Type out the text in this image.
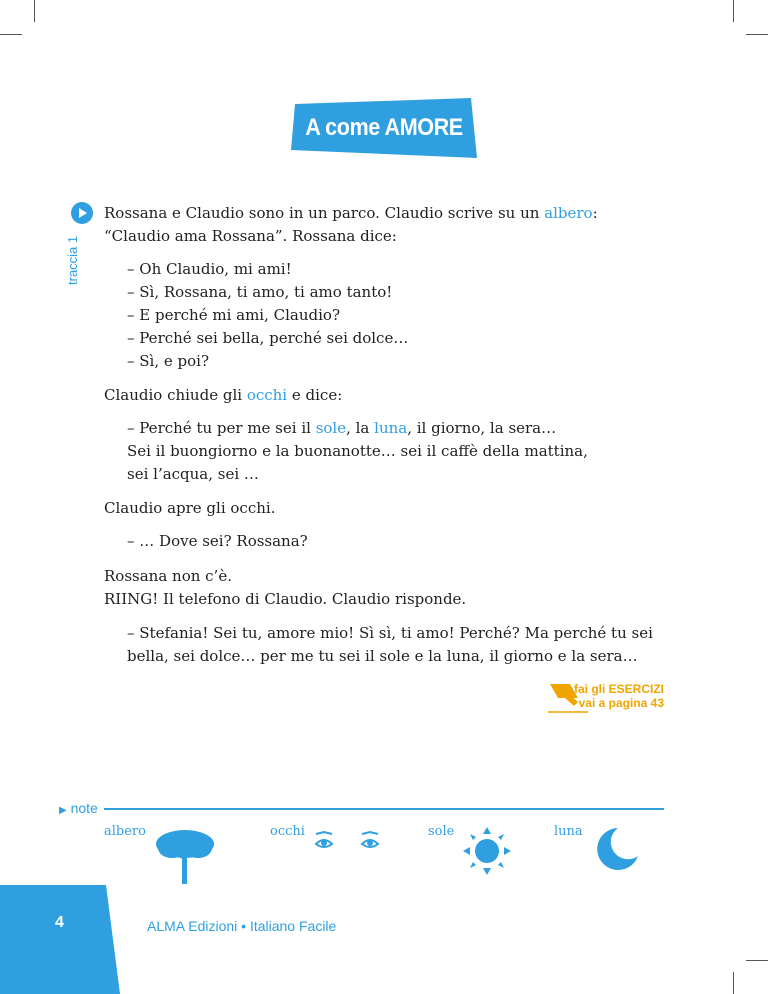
A come AMORE
traccia 1
Rossana e Claudio sono in un parco. Claudio scrive su un albero:
“Claudio ama Rossana”. Rossana dice:
– Oh Claudio, mi ami!
– Sì, Rossana, ti amo, ti amo tanto!
– E perché mi ami, Claudio?
– Perché sei bella, perché sei dolce…
– Sì, e poi?
Claudio chiude gli occhi e dice:
– Perché tu per me sei il sole, la luna, il giorno, la sera…
Sei il buongiorno e la buonanotte… sei il caffè della mattina,
sei l’acqua, sei …
Claudio apre gli occhi.
– … Dove sei? Rossana?
Rossana non c’è.
RIING! Il telefono di Claudio. Claudio risponde.
– Stefania! Sei tu, amore mio! Sì sì, ti amo! Perché? Ma perché tu sei
bella, sei dolce… per me tu sei il sole e la luna, il giorno e la sera…
fai gli ESERCIZI
vai a pagina 43
▶ note
albero	occhi	sole	luna
4	ALMA Edizioni • Italiano Facile
